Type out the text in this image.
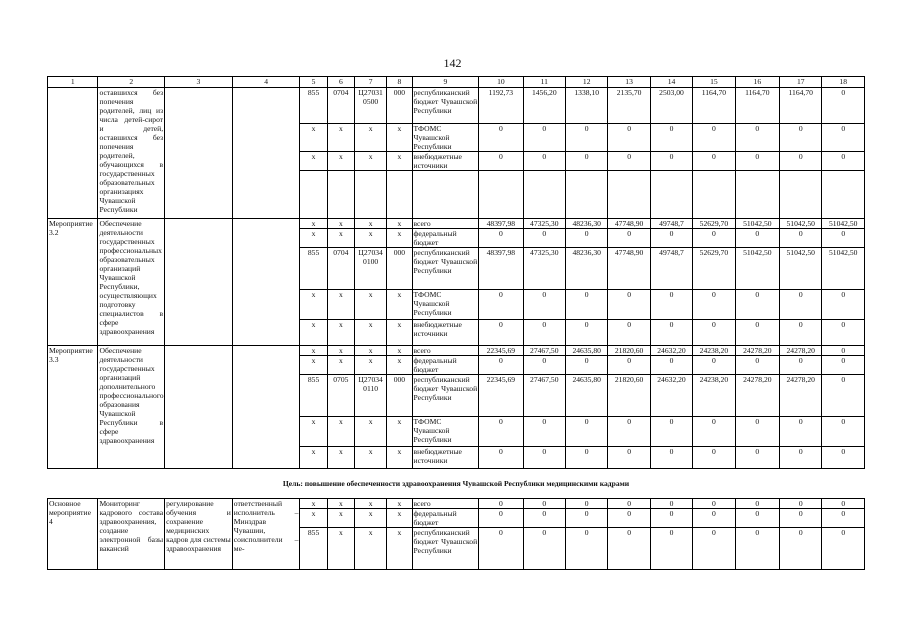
142
1	2	3	4	5	6	7	8	9	10	11	12	13	14	15	16	17	18
	оставшихся без попечения родителей, лиц из числа детей-сирот и детей, оставшихся без попечения родителей, обучающихся в государственных образовательных организациях Чувашской Республики			855	0704	Ц27031 0500	000	республиканский бюджет Чувашской Республики	1192,73	1456,20	1338,10	2135,70	2503,00	1164,70	1164,70	1164,70	0
				х	х	х	х	ТФОМС Чувашской Республики	0	0	0	0	0	0	0	0	0
				х	х	х	х	внебюджетные источники	0	0	0	0	0	0	0	0	0

Мероприятие 3.2	Обеспечение деятельности государственных профессиональных образовательных организаций Чувашской Республики, осуществляющих подготовку специалистов в сфере здравоохранения			х	х	х	х	всего	48397,98	47325,30	48236,30	47748,90	49748,7	52629,70	51042,50	51042,50	51042,50
				х	х	х	х	федеральный бюджет	0	0	0	0	0	0	0	0	0
				855	0704	Ц27034 0100	000	республиканский бюджет Чувашской Республики	48397,98	47325,30	48236,30	47748,90	49748,7	52629,70	51042,50	51042,50	51042,50
				х	х	х	х	ТФОМС Чувашской Республики	0	0	0	0	0	0	0	0	0
				х	х	х	х	внебюджетные источники	0	0	0	0	0	0	0	0	0
Мероприятие 3.3	Обеспечение деятельности государственных организаций дополнительного профессионального образования Чувашской Республики в сфере здравоохранения			х	х	х	х	всего	22345,69	27467,50	24635,80	21820,60	24632,20	24238,20	24278,20	24278,20	0
				х	х	х	х	федеральный бюджет	0	0	0	0	0	0	0	0	0
				855	0705	Ц27034 0110	000	республиканский бюджет Чувашской Республики	22345,69	27467,50	24635,80	21820,60	24632,20	24238,20	24278,20	24278,20	0
				х	х	х	х	ТФОМС Чувашской Республики	0	0	0	0	0	0	0	0	0
				х	х	х	х	внебюджетные источники	0	0	0	0	0	0	0	0	0
Цель: повышение обеспеченности здравоохранения Чувашской Республики медицинскими кадрами																	
Основное мероприятие 4	Мониторинг кадрового состава здравоохранения, создание электронной базы вакансий	регулирование обучения и сохранение медицинских кадров для системы здравоохранения	ответственный исполнитель – Минздрав Чувашии, соисполнители – ме-	х	х	х	х	всего	0	0	0	0	0	0	0	0	0
				х	х	х	х	федеральный бюджет	0	0	0	0	0	0	0	0	0
				855	х	х	х	республиканский бюджет Чувашской Республики	0	0	0	0	0	0	0	0	0
